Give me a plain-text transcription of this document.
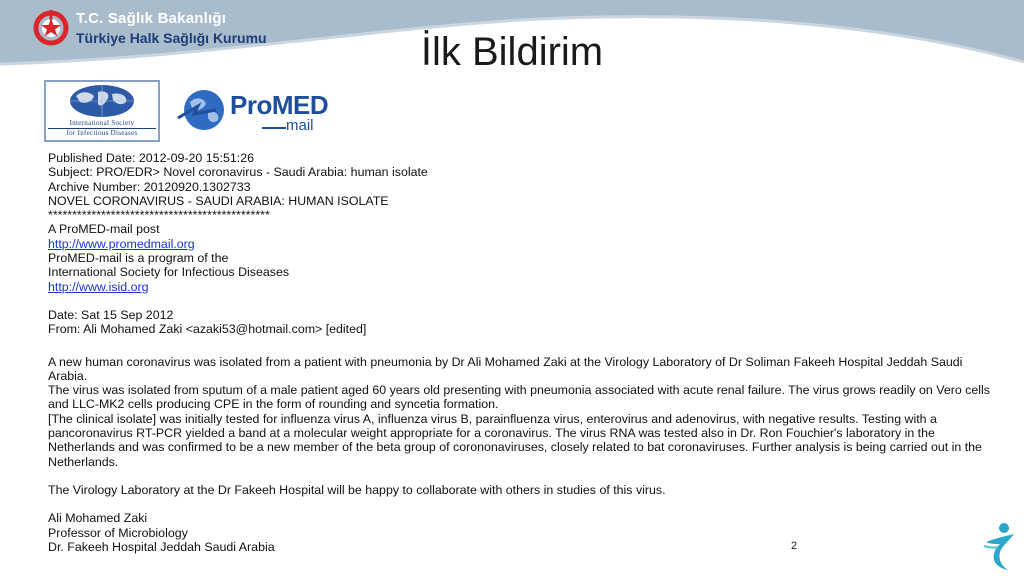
T.C. Sağlık Bakanlığı
Türkiye Halk Sağlığı Kurumu	İlk Bildirim
International Society
for Infectious Diseases
ProMED
mail
Published Date: 2012-09-20 15:51:26
Subject: PRO/EDR> Novel coronavirus - Saudi Arabia: human isolate
Archive Number: 20120920.1302733
NOVEL CORONAVIRUS - SAUDI ARABIA: HUMAN ISOLATE
**********************************************
A ProMED-mail post
http://www.promedmail.org
ProMED-mail is a program of the
International Society for Infectious Diseases
http://www.isid.org
Date: Sat 15 Sep 2012
From: Ali Mohamed Zaki <azaki53@hotmail.com> [edited]
A new human coronavirus was isolated from a patient with pneumonia by Dr Ali Mohamed Zaki at the Virology Laboratory of Dr Soliman Fakeeh Hospital Jeddah Saudi Arabia.
The virus was isolated from sputum of a male patient aged 60 years old presenting with pneumonia associated with acute renal failure. The virus grows readily on Vero cells and LLC-MK2 cells producing CPE in the form of rounding and syncetia formation.
[The clinical isolate] was initially tested for influenza virus A, influenza virus B, parainfluenza virus, enterovirus and adenovirus, with negative results. Testing with a pancoronavirus RT-PCR yielded a band at a molecular weight appropriate for a coronavirus. The virus RNA was tested also in Dr. Ron Fouchier's laboratory in the Netherlands and was confirmed to be a new member of the beta group of corononaviruses, closely related to bat coronaviruses. Further analysis is being carried out in the Netherlands.
The Virology Laboratory at the Dr Fakeeh Hospital will be happy to collaborate with others in studies of this virus.
Ali Mohamed Zaki
Professor of Microbiology
Dr. Fakeeh Hospital Jeddah Saudi Arabia	2
